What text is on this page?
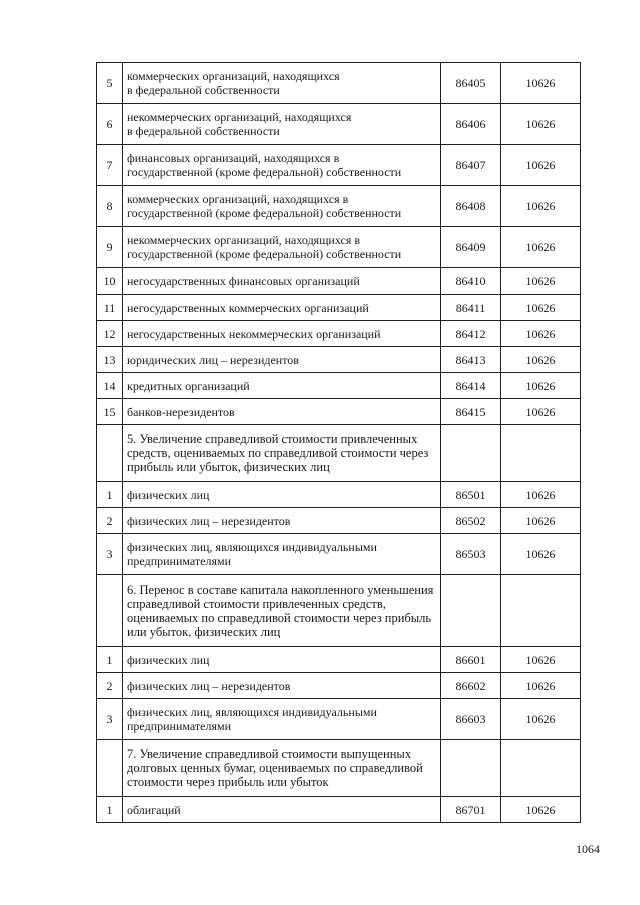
5	коммерческих организаций, находящихся
в федеральной собственности	86405	10626
6	некоммерческих организаций, находящихся
в федеральной собственности	86406	10626
7	финансовых организаций, находящихся в
государственной (кроме федеральной) собственности	86407	10626
8	коммерческих организаций, находящихся в
государственной (кроме федеральной) собственности	86408	10626
9	некоммерческих организаций, находящихся в
государственной (кроме федеральной) собственности	86409	10626
10	негосударственных финансовых организаций	86410	10626
11	негосударственных коммерческих организаций	86411	10626
12	негосударственных некоммерческих организаций	86412	10626
13	юридических лиц – нерезидентов	86413	10626
14	кредитных организаций	86414	10626
15	банков-нерезидентов	86415	10626
	5. Увеличение справедливой стоимости привлеченных средств, оцениваемых по справедливой стоимости через прибыль или убыток, физических лиц		
1	физических лиц	86501	10626
2	физических лиц – нерезидентов	86502	10626
3	физических лиц, являющихся индивидуальными
предпринимателями	86503	10626
	6. Перенос в составе капитала накопленного уменьшения справедливой стоимости привлеченных средств, оцениваемых по справедливой стоимости через прибыль или убыток, физических лиц		
1	физических лиц	86601	10626
2	физических лиц – нерезидентов	86602	10626
3	физических лиц, являющихся индивидуальными
предпринимателями	86603	10626
	7. Увеличение справедливой стоимости выпущенных долговых ценных бумаг, оцениваемых по справедливой стоимости через прибыль или убыток		
1	облигаций	86701	10626
1064
